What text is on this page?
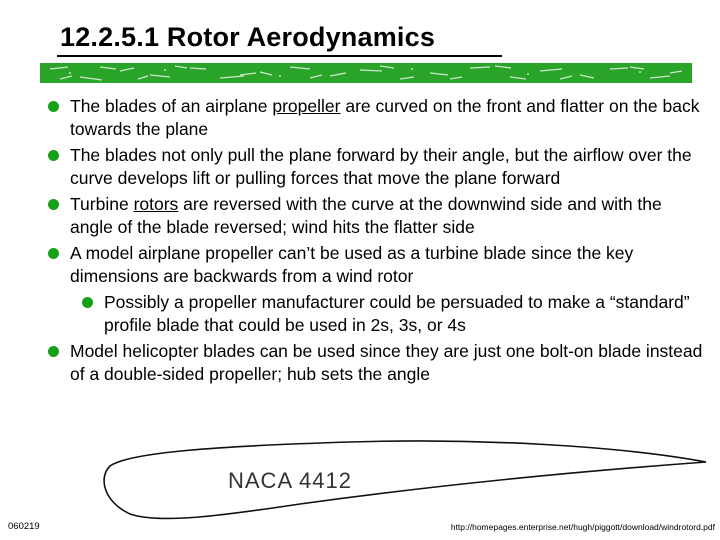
12.2.5.1 Rotor Aerodynamics
The blades of an airplane propeller are curved on the front and flatter on the back towards the plane
The blades not only pull the plane forward by their angle, but the airflow over the curve develops lift or pulling forces that move the plane forward
Turbine rotors are reversed with the curve at the downwind side and with the angle of the blade reversed; wind hits the flatter side
A model airplane propeller can’t be used as a turbine blade since the key dimensions are backwards from a wind rotor
Possibly a propeller manufacturer could be persuaded to make a “standard” profile blade that could be used in 2s, 3s, or 4s
Model helicopter blades can be used since they are just one bolt-on blade instead of a double-sided propeller; hub sets the angle
NACA 4412
060219	http://homepages.enterprise.net/hugh/piggott/download/windrotord.pdf
